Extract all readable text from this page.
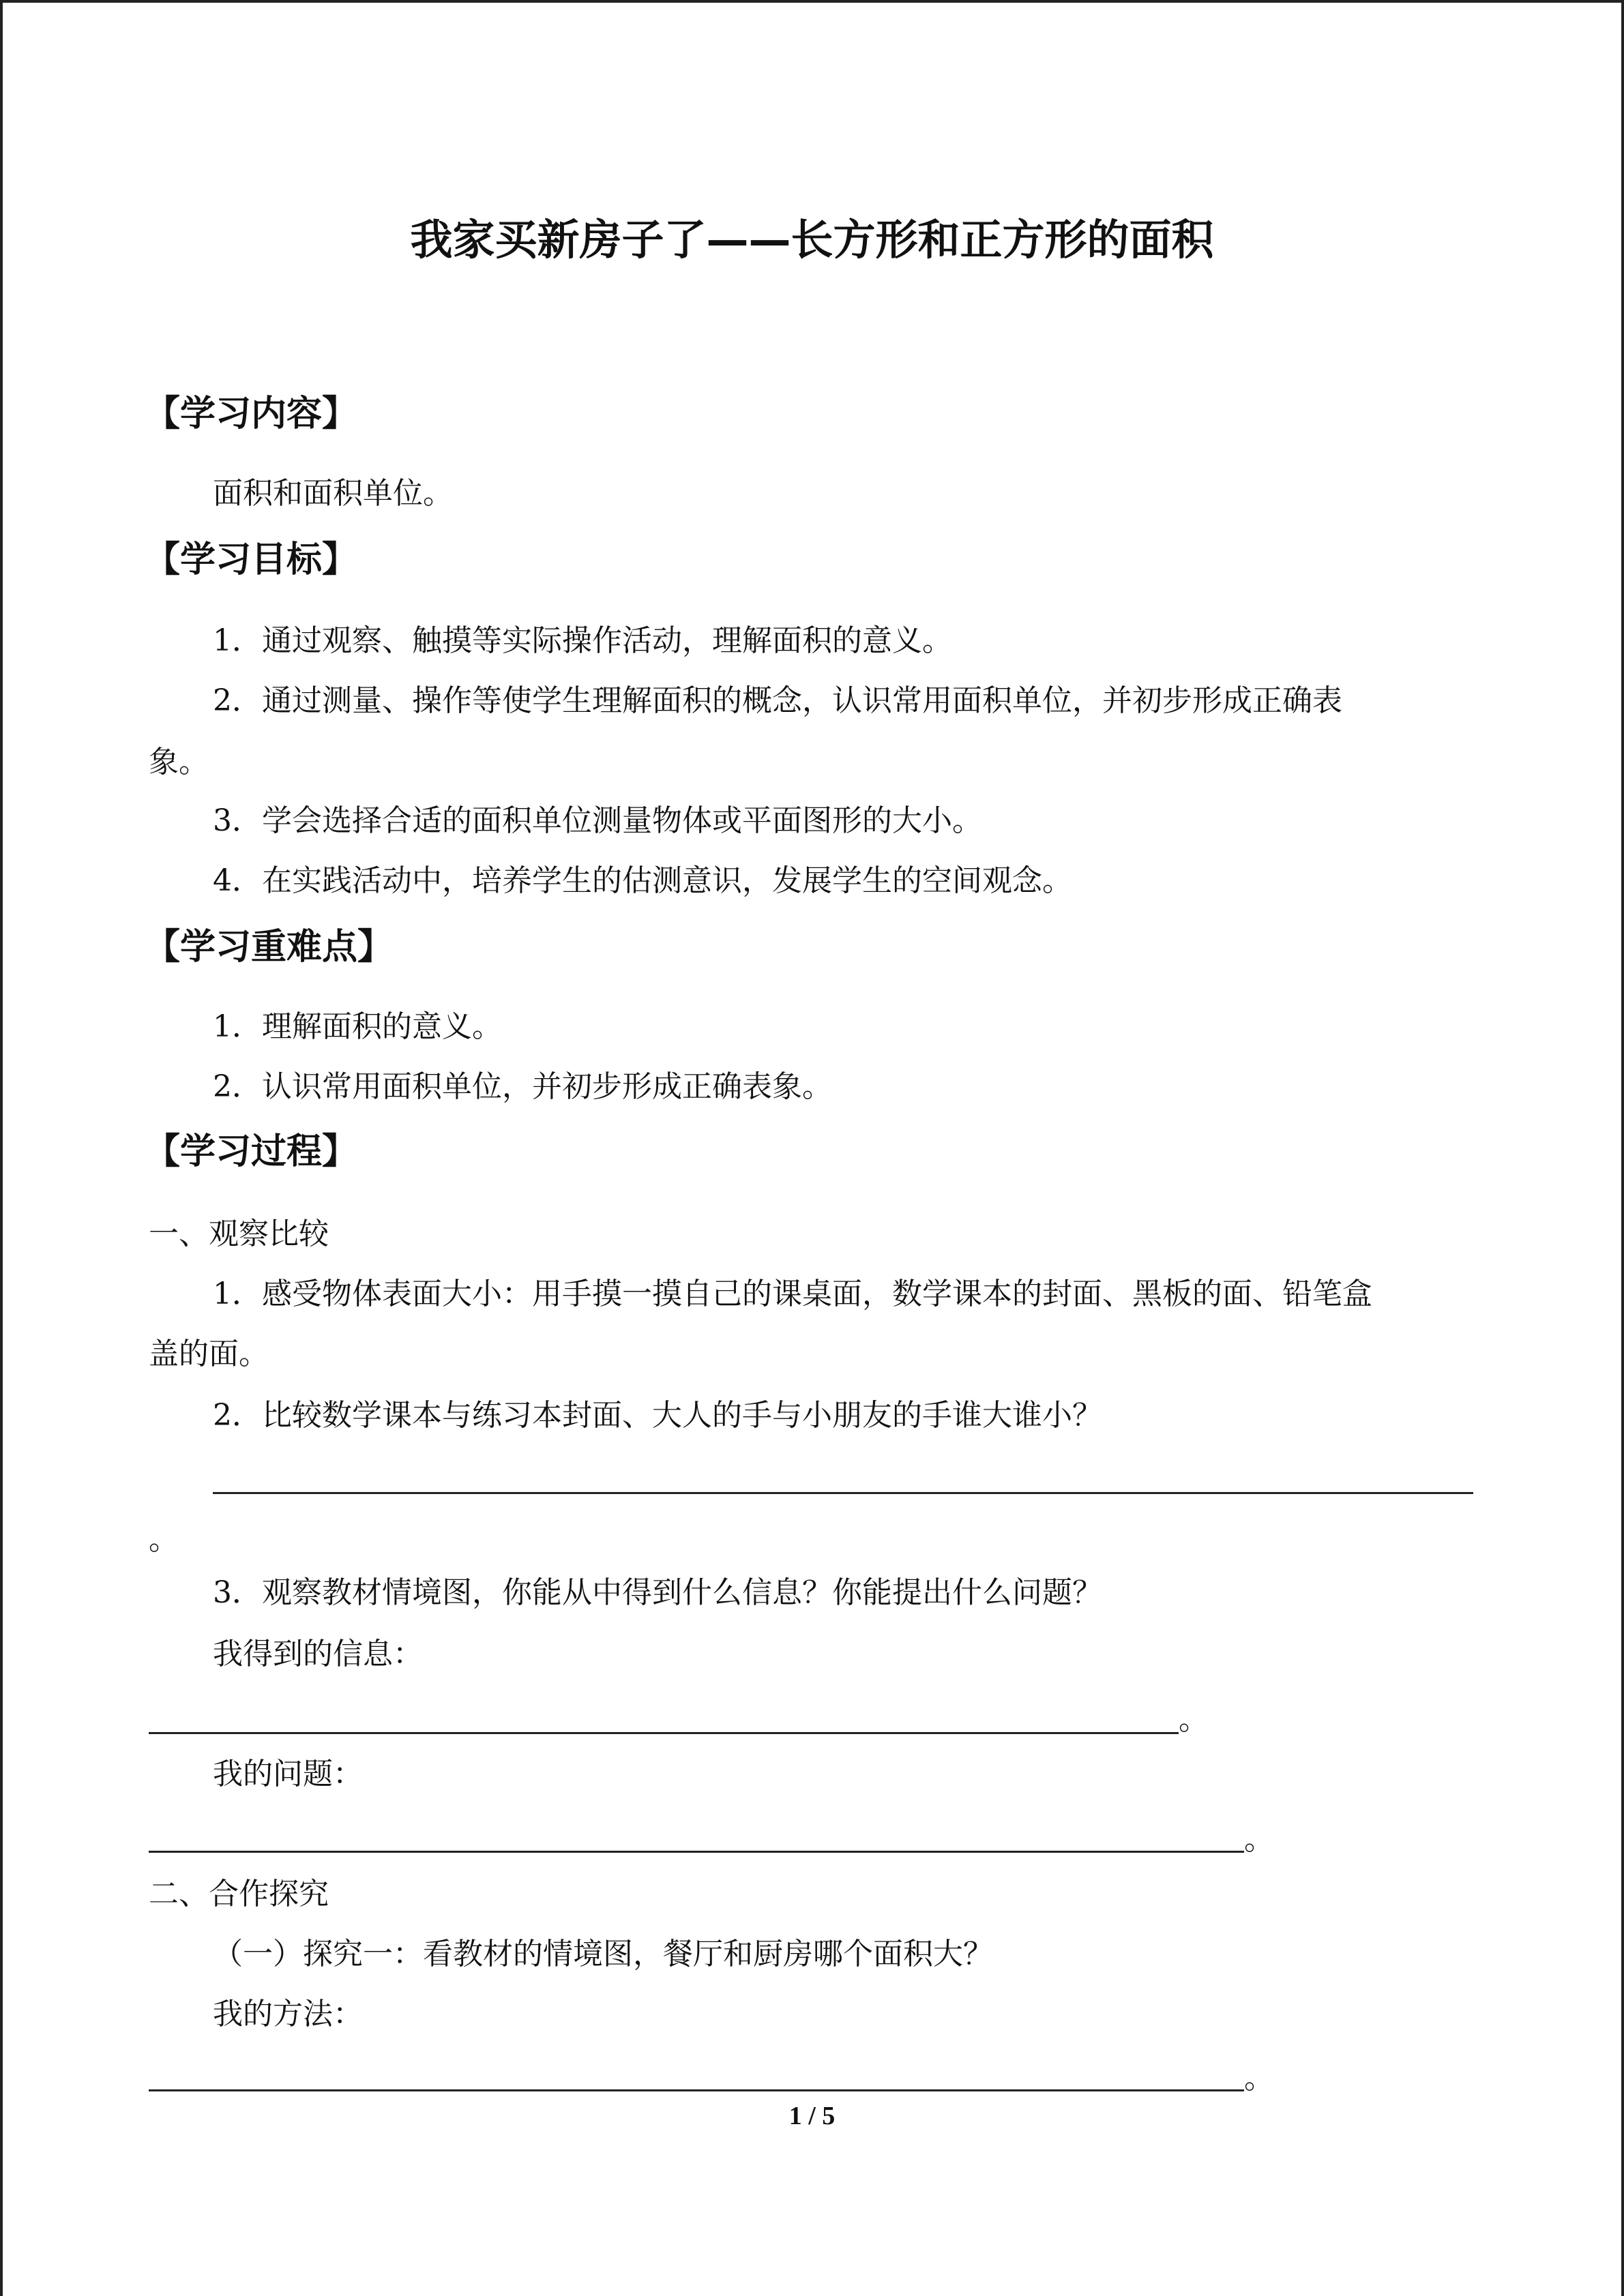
我家买新房子了——长方形和正方形的面积
【学习内容】

面积和面积单位。

【学习目标】

1．通过观察、触摸等实际操作活动，理解面积的意义。

2．通过测量、操作等使学生理解面积的概念，认识常用面积单位，并初步形成正确表

象。

3．学会选择合适的面积单位测量物体或平面图形的大小。

4．在实践活动中，培养学生的估测意识，发展学生的空间观念。

【学习重难点】

1．理解面积的意义。

2．认识常用面积单位，并初步形成正确表象。

【学习过程】

一、观察比较

1．感受物体表面大小：用手摸一摸自己的课桌面，数学课本的封面、黑板的面、铅笔盒

盖的面。

2．比较数学课本与练习本封面、大人的手与小朋友的手谁大谁小？

。

3．观察教材情境图，你能从中得到什么信息？你能提出什么问题？

我得到的信息：

。

我的问题：

。

二、合作探究

（一）探究一：看教材的情境图，餐厅和厨房哪个面积大？

我的方法：

。

1 / 5
